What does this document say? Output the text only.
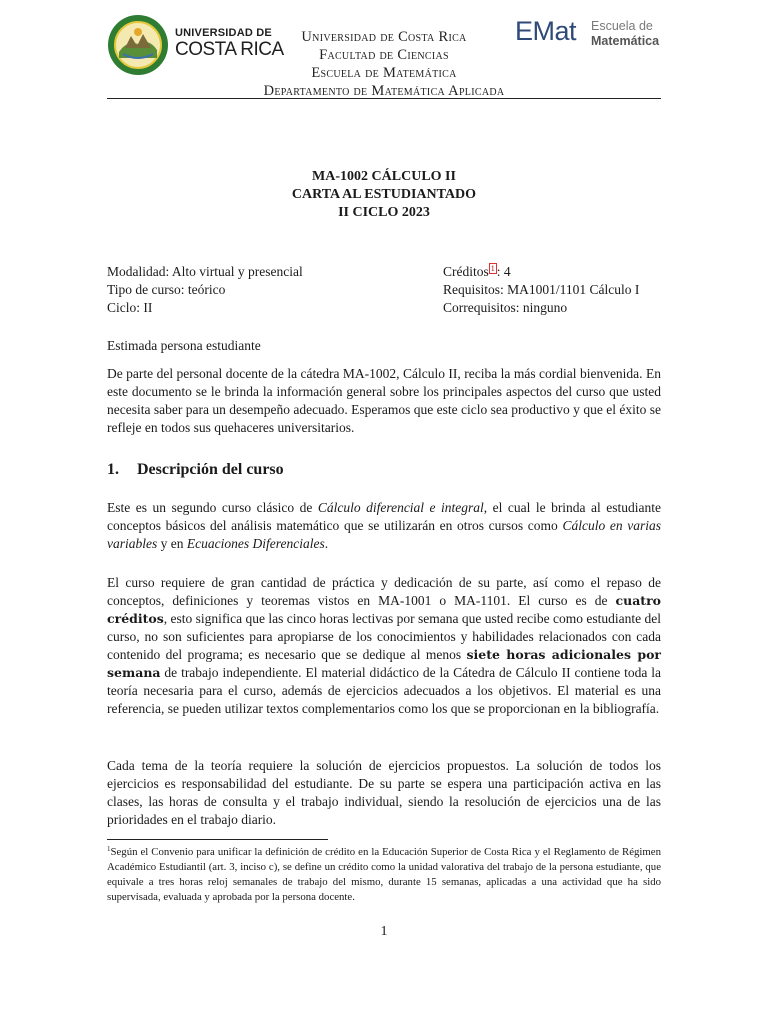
UNIVERSIDAD DE
COSTA RICA
Universidad de Costa Rica
Facultad de Ciencias
Escuela de Matemática
Departamento de Matemática Aplicada
EMat Escuela de
Matemática
MA-1002 CÁLCULO II
CARTA AL ESTUDIANTADO
II CICLO 2023
Modalidad: Alto virtual y presencial
Tipo de curso: teórico
Ciclo: II
Créditos $^1$ : 4
Requisitos: MA1001/1101 Cálculo I
Correquisitos: ninguno
Estimada persona estudiante
De parte del personal docente de la cátedra MA-1002, Cálculo II, reciba la más cordial bienvenida. En este documento se le brinda la información general sobre los principales aspectos del curso que usted necesita saber para un desempeño adecuado. Esperamos que este ciclo sea productivo y que el éxito se refleje en todos sus quehaceres universitarios.
1. Descripción del curso
Este es un segundo curso clásico de Cálculo diferencial e integral, el cual le brinda al estudiante conceptos básicos del análisis matemático que se utilizarán en otros cursos como Cálculo en varias variables y en Ecuaciones Diferenciales.
El curso requiere de gran cantidad de práctica y dedicación de su parte, así como el repaso de conceptos, definiciones y teoremas vistos en MA-1001 o MA-1101. El curso es de cuatro créditos, esto significa que las cinco horas lectivas por semana que usted recibe como estudiante del curso, no son suficientes para apropiarse de los conocimientos y habilidades relacionados con cada contenido del programa; es necesario que se dedique al menos siete horas adicionales por semana de trabajo independiente. El material didáctico de la Cátedra de Cálculo II contiene toda la teoría necesaria para el curso, además de ejercicios adecuados a los objetivos. El material es una referencia, se pueden utilizar textos complementarios como los que se proporcionan en la bibliografía.
Cada tema de la teoría requiere la solución de ejercicios propuestos. La solución de todos los ejercicios es responsabilidad del estudiante. De su parte se espera una participación activa en las clases, las horas de consulta y el trabajo individual, siendo la resolución de ejercicios una de las prioridades en el trabajo diario.
$^1$Según el Convenio para unificar la definición de crédito en la Educación Superior de Costa Rica y el Reglamento de Régimen Académico Estudiantil (art. 3, inciso c), se define un crédito como la unidad valorativa del trabajo de la persona estudiante, que equivale a tres horas reloj semanales de trabajo del mismo, durante 15 semanas, aplicadas a una actividad que ha sido supervisada, evaluada y aprobada por la persona docente.
1
